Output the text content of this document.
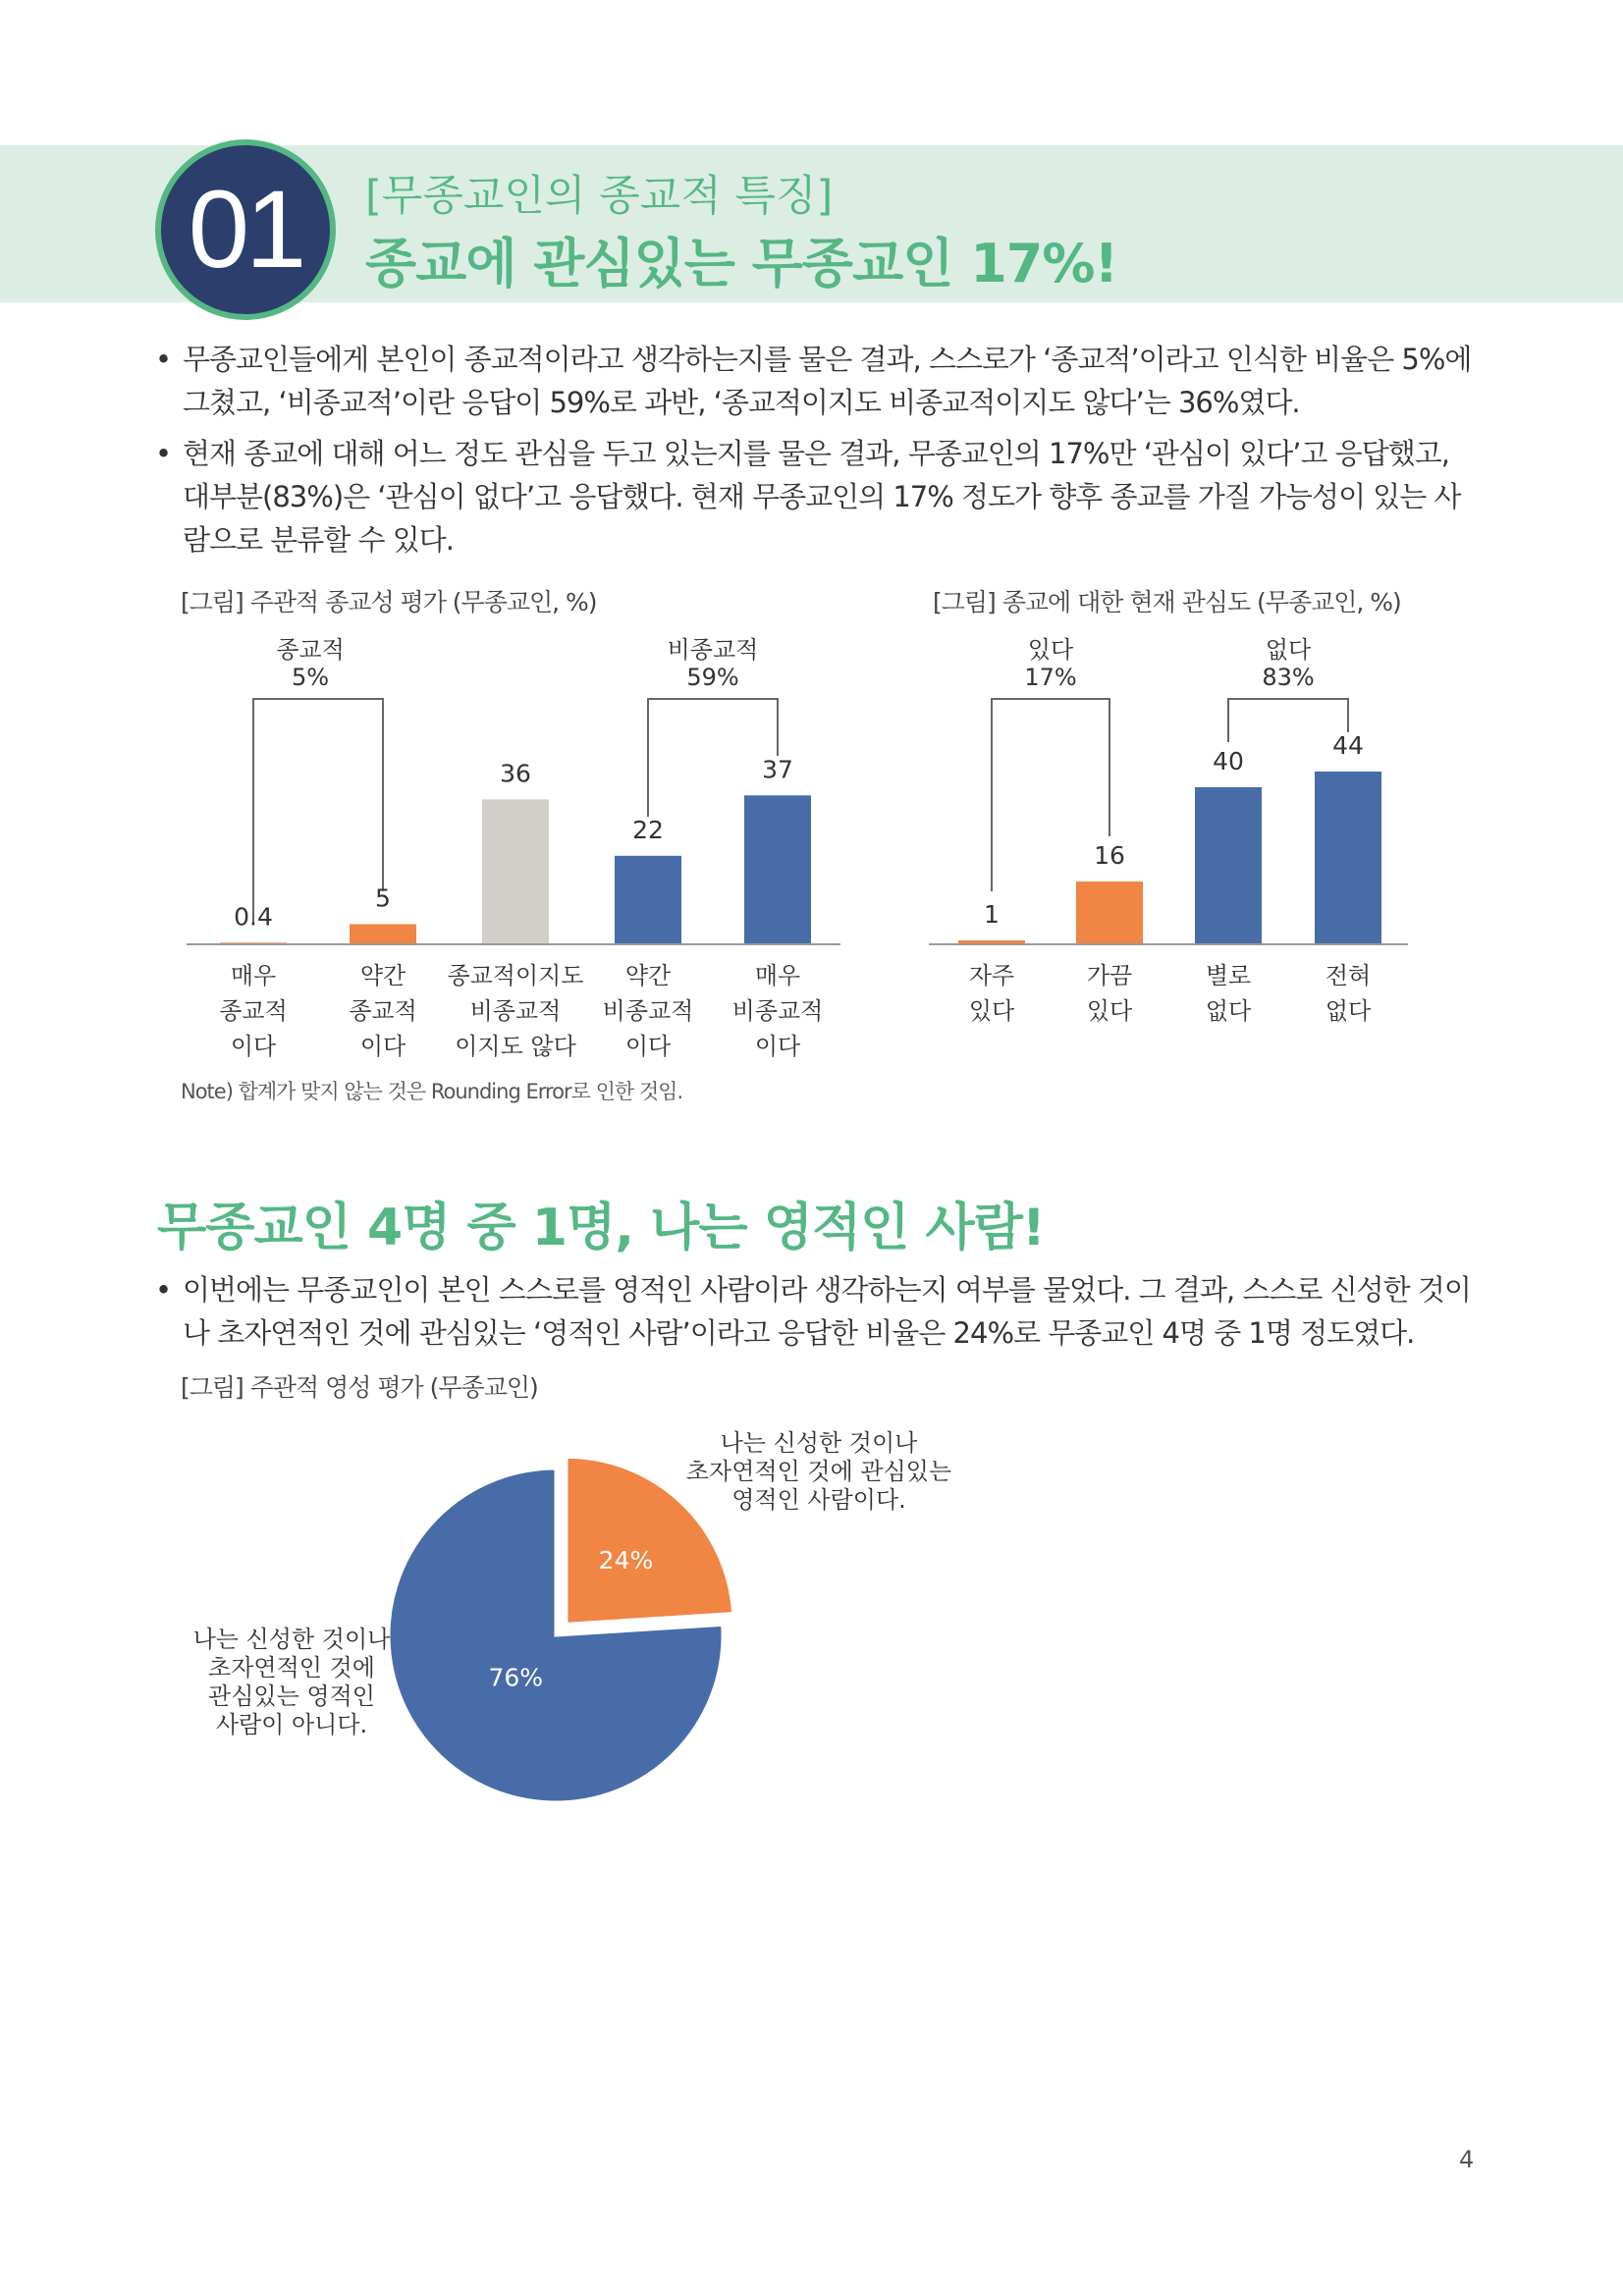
01	[무종교인의 종교적 특징]
종교에 관심있는 무종교인 17%!
• 무종교인들에게 본인이 종교적이라고 생각하는지를 물은 결과, 스스로가 ‘종교적’이라고 인식한 비율은 5%에 그쳤고, ‘비종교적’이란 응답이 59%로 과반, ‘종교적이지도 비종교적이지도 않다’는 36%였다.
• 현재 종교에 대해 어느 정도 관심을 두고 있는지를 물은 결과, 무종교인의 17%만 ‘관심이 있다’고 응답했고, 대부분(83%)은 ‘관심이 없다’고 응답했다. 현재 무종교인의 17% 정도가 향후 종교를 가질 가능성이 있는 사람으로 분류할 수 있다.
[그림] 주관적 종교성 평가 (무종교인, %)	[그림] 종교에 대한 현재 관심도 (무종교인, %)
종교적
5%
비종교적
59%
0.4
매우
종교적
이다
5
약간
종교적
이다
36
종교적이지도
비종교적
이지도 않다
22
약간
비종교적
이다
37
매우
비종교적
이다
있다
17%
없다
83%
1
자주
있다
16
가끔
있다
40
별로
없다
44
전혀
없다
Note) 합계가 맞지 않는 것은 Rounding Error로 인한 것임.
무종교인 4명 중 1명, 나는 영적인 사람!
• 이번에는 무종교인이 본인 스스로를 영적인 사람이라 생각하는지 여부를 물었다. 그 결과, 스스로 신성한 것이나 초자연적인 것에 관심있는 ‘영적인 사람’이라고 응답한 비율은 24%로 무종교인 4명 중 1명 정도였다.
[그림] 주관적 영성 평가 (무종교인)
24%
76%
나는 신성한 것이나
초자연적인 것에 관심있는
영적인 사람이다.
나는 신성한 것이나
초자연적인 것에
관심있는 영적인
사람이 아니다.
4
